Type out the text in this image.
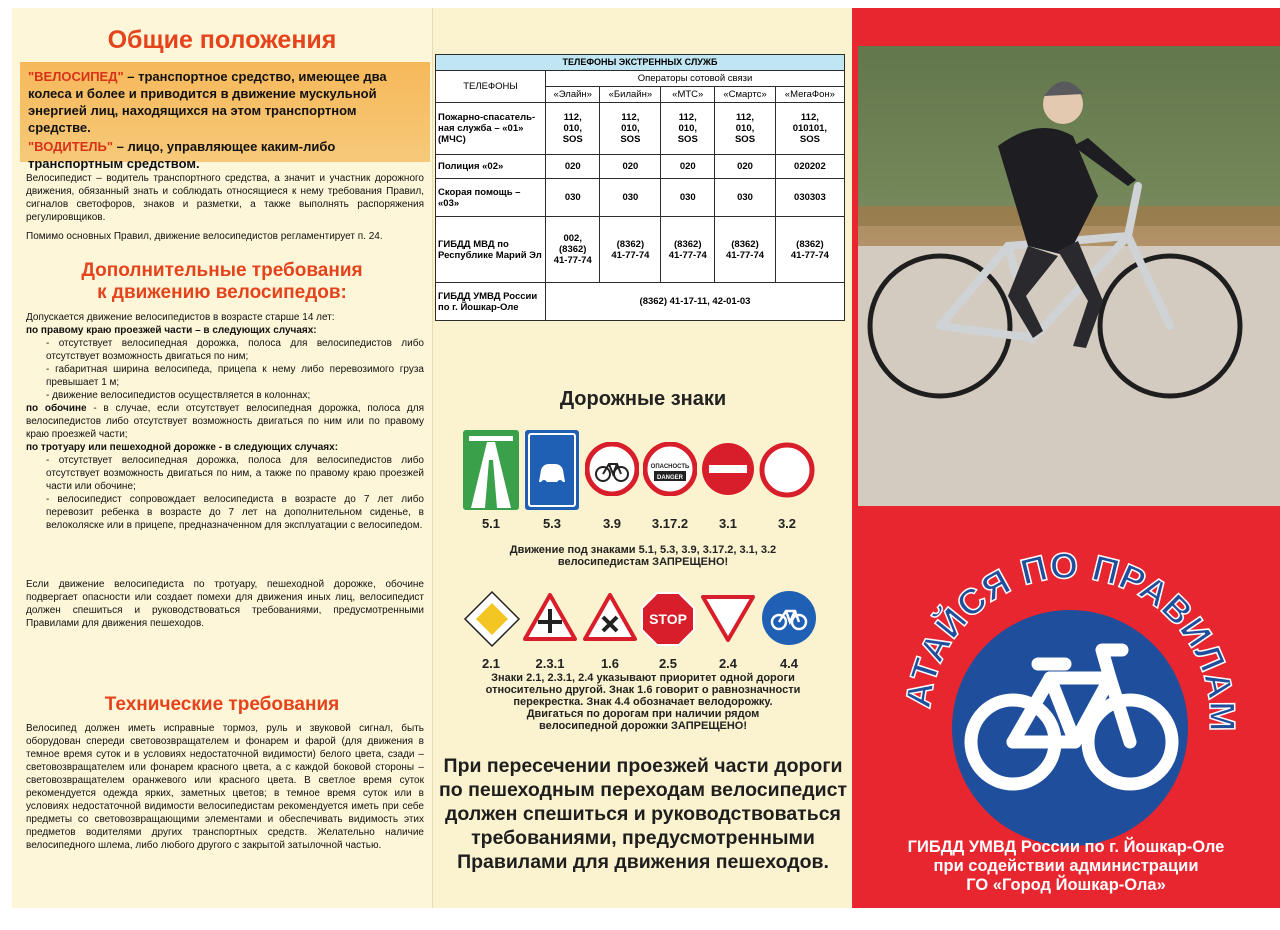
Общие положения
"ВЕЛОСИПЕД" – транспортное средство, имеющее два колеса и более и приводится в движение мускульной энергией лиц, находящихся на этом транспортном средстве.
"ВОДИТЕЛЬ" – лицо, управляющее каким-либо транспортным средством.
Велосипедист – водитель транспортного средства, а значит и участник дорожного движения, обязанный знать и соблюдать относящиеся к нему требования Правил, сигналов светофоров, знаков и разметки, а также выполнять распоряжения регулировщиков.
Помимо основных Правил, движение велосипедистов регламентирует п. 24.
Дополнительные требования
к движению велосипедов:
Допускается движение велосипедистов в возрасте старше 14 лет:
по правому краю проезжей части – в следующих случаях:
- отсутствует велосипедная дорожка, полоса для велосипедистов либо отсутствует возможность двигаться по ним;
- габаритная ширина велосипеда, прицепа к нему либо перевозимого груза превышает 1 м;
- движение велосипедистов осуществляется в колоннах;
по обочине - в случае, если отсутствует велосипедная дорожка, полоса для велосипедистов либо отсутствует возможность двигаться по ним или по правому краю проезжей части;
по тротуару или пешеходной дорожке - в следующих случаях:
- отсутствует велосипедная дорожка, полоса для велосипедистов либо отсутствует возможность двигаться по ним, а также по правому краю проезжей части или обочине;
- велосипедист сопровождает велосипедиста в возрасте до 7 лет либо перевозит ребенка в возрасте до 7 лет на дополнительном сиденье, в велоколяске или в прицепе, предназначенном для эксплуатации с велосипедом.
Если движение велосипедиста по тротуару, пешеходной дорожке, обочине подвергает опасности или создает помехи для движения иных лиц, велосипедист должен спешиться и руководствоваться требованиями, предусмотренными Правилами для движения пешеходов.
Технические требования
Велосипед должен иметь исправные тормоз, руль и звуковой сигнал, быть оборудован спереди световозвращателем и фонарем и фарой (для движения в темное время суток и в условиях недостаточной видимости) белого цвета, сзади – световозвращателем или фонарем красного цвета, а с каждой боковой стороны – световозвращателем оранжевого или красного цвета. В светлое время суток рекомендуется одежда ярких, заметных цветов; в темное время суток или в условиях недостаточной видимости велосипедистам рекомендуется иметь при себе предметы со световозвращающими элементами и обеспечивать видимость этих предметов водителями других транспортных средств. Желательно наличие велосипедного шлема, либо любого другого с закрытой затылочной частью.
ТЕЛЕФОНЫ ЭКСТРЕННЫХ СЛУЖБ					
ТЕЛЕФОНЫ	Операторы сотовой связи				
	«Элайн»	«Билайн»	«МТС»	«Смартс»	«МегаФон»
Пожарно-спасатель-ная служба – «01» (МЧС)	112,
010,
SOS	112,
010,
SOS	112,
010,
SOS	112,
010,
SOS	112,
010101,
SOS
Полиция «02»	020	020	020	020	020202
Скорая помощь – «03»	030	030	030	030	030303
ГИБДД МВД по Республике Марий Эл	002,
(8362)
41-77-74	(8362)
41-77-74	(8362)
41-77-74	(8362)
41-77-74	(8362)
41-77-74
ГИБДД УМВД России по г. Йошкар-Оле	(8362) 41-17-11, 42-01-03				
Дорожные знаки
ОПАСНОСТЬ
DANGER
5.1	5.3	3.9	3.17.2	3.1	3.2
Движение под знаками 5.1, 5.3, 3.9, 3.17.2, 3.1, 3.2
велосипедистам ЗАПРЕЩЕНО!
STOP
2.1	2.3.1	1.6	2.5	2.4	4.4
Знаки 2.1, 2.3.1, 2.4 указывают приоритет одной дороги
относительно другой. Знак 1.6 говорит о равнозначности
перекрестка. Знак 4.4 обозначает велодорожку.
Двигаться по дорогам при наличии рядом
велосипедной дорожки ЗАПРЕЩЕНО!
При пересечении проезжей части дороги
по пешеходным переходам велосипедист
должен спешиться и руководствоваться
требованиями, предусмотренными
Правилами для движения пешеходов.
АТАЙСЯ ПО ПРАВИЛАМ
ГИБДД УМВД России по г. Йошкар-Оле
при содействии администрации
ГО «Город Йошкар-Ола»
